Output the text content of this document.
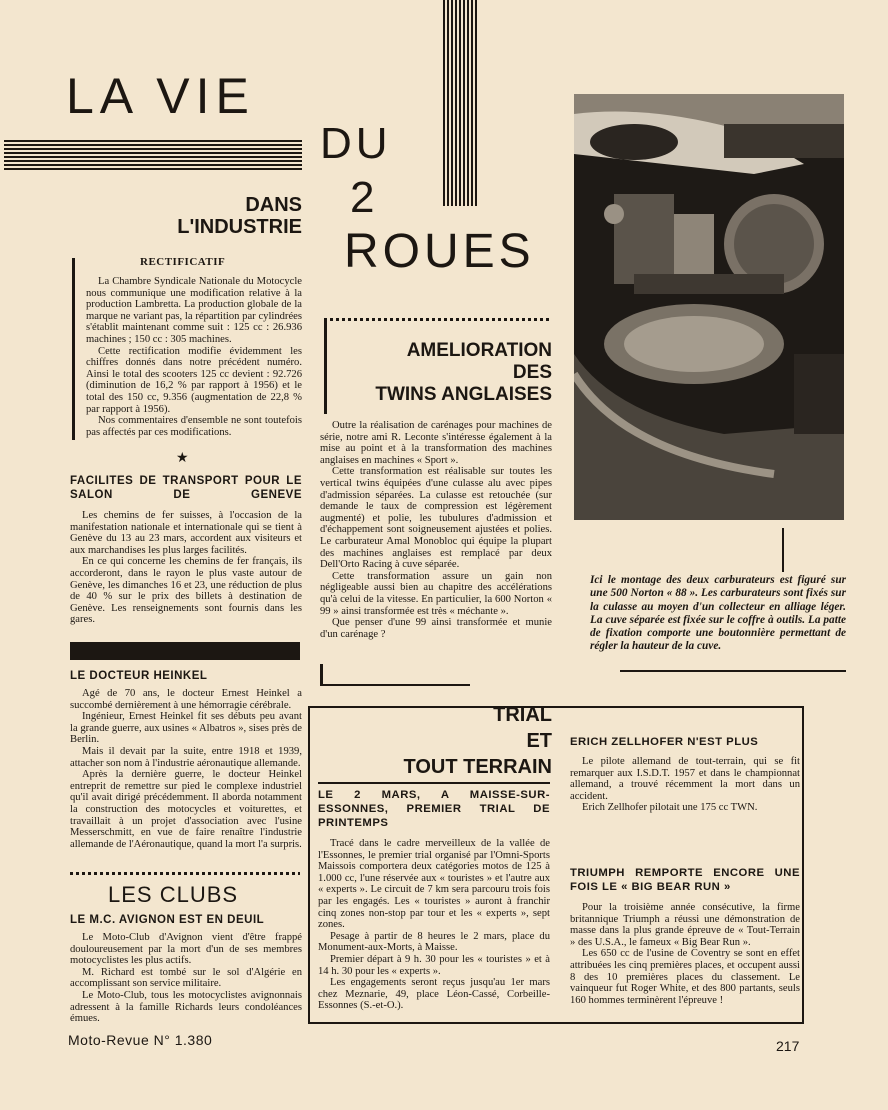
LA VIE
DU
2
ROUES
DANS
L'INDUSTRIE
RECTIFICATIF

La Chambre Syndicale Nationale du Motocycle nous communique une modification relative à la production Lambretta. La production globale de la marque ne variant pas, la répartition par cylindrées s'établit maintenant comme suit : 125 cc : 26.936 machines ; 150 cc : 305 machines.

Cette rectification modifie évidemment les chiffres donnés dans notre précédent numéro. Ainsi le total des scooters 125 cc devient : 92.726 (diminution de 16,2 % par rapport à 1956) et le total des 150 cc, 9.356 (augmentation de 22,8 % par rapport à 1956).

Nos commentaires d'ensemble ne sont toutefois pas affectés par ces modifications.

★
FACILITES DE TRANSPORT POUR LE SALON DE GENEVE

Les chemins de fer suisses, à l'occasion de la manifestation nationale et internationale qui se tient à Genève du 13 au 23 mars, accordent aux visiteurs et aux marchandises les plus larges facilités.

En ce qui concerne les chemins de fer français, ils accorderont, dans le rayon le plus vaste autour de Genève, les dimanches 16 et 23, une réduction de plus de 40 % sur le prix des billets à destination de Genève. Les renseignements sont fournis dans les gares.

LE DOCTEUR HEINKEL

Agé de 70 ans, le docteur Ernest Heinkel a succombé dernièrement à une hémorragie cérébrale.

Ingénieur, Ernest Heinkel fit ses débuts peu avant la grande guerre, aux usines « Albatros », sises près de Berlin.

Mais il devait par la suite, entre 1918 et 1939, attacher son nom à l'industrie aéronautique allemande.

Après la dernière guerre, le docteur Heinkel entreprit de remettre sur pied le complexe industriel qu'il avait dirigé précédemment. Il aborda notamment la construction des motocycles et voiturettes, et travaillait à un projet d'association avec l'usine Messerschmitt, en vue de faire renaître l'industrie allemande de l'Aéronautique, quand la mort l'a surpris.

LES CLUBS
LE M.C. AVIGNON EST EN DEUIL

Le Moto-Club d'Avignon vient d'être frappé douloureusement par la mort d'un de ses membres motocyclistes les plus actifs.

M. Richard est tombé sur le sol d'Algérie en accomplissant son service militaire.

Le Moto-Club, tous les motocyclistes avignonnais adressent à la famille Richards leurs condoléances émues.

AMELIORATION
DES
TWINS ANGLAISES

Outre la réalisation de carénages pour machines de série, notre ami R. Leconte s'intéresse également à la mise au point et à la transformation des machines anglaises en machines « Sport ».

Cette transformation est réalisable sur toutes les vertical twins équipées d'une culasse alu avec pipes d'admission séparées. La culasse est retouchée (sur demande le taux de compression est légèrement augmenté) et polie, les tubulures d'admission et d'échappement sont soigneusement ajustées et polies. Le carburateur Amal Monobloc qui équipe la plupart des machines anglaises est remplacé par deux Dell'Orto Racing à cuve séparée.

Cette transformation assure un gain non négligeable aussi bien au chapitre des accélérations qu'à celui de la vitesse. En particulier, la 600 Norton « 99 » ainsi transformée est très « méchante ».

Que penser d'une 99 ainsi transformée et munie d'un carénage ?

Ici le montage des deux carburateurs est figuré sur une 500 Norton « 88 ». Les carburateurs sont fixés sur la culasse au moyen d'un collecteur en alliage léger. La cuve séparée est fixée sur le coffre à outils. La patte de fixation comporte une boutonnière permettant de régler la hauteur de la cuve.
TRIAL
ET
TOUT TERRAIN
LE 2 MARS, A MAISSE-SUR-ESSONNES, PREMIER TRIAL DE PRINTEMPS

Tracé dans le cadre merveilleux de la vallée de l'Essonnes, le premier trial organisé par l'Omni-Sports Maissois comportera deux catégories motos de 125 à 1.000 cc, l'une réservée aux « touristes » et l'autre aux « experts ». Le circuit de 7 km sera parcouru trois fois par les engagés. Les « touristes » auront à franchir cinq zones non-stop par tour et les « experts », sept zones.

Pesage à partir de 8 heures le 2 mars, place du Monument-aux-Morts, à Maisse.

Premier départ à 9 h. 30 pour les « touristes » et à 14 h. 30 pour les « experts ».

Les engagements seront reçus jusqu'au 1er mars chez Meznarie, 49, place Léon-Cassé, Corbeille-Essonnes (S.-et-O.).

ERICH ZELLHOFER N'EST PLUS

Le pilote allemand de tout-terrain, qui se fit remarquer aux I.S.D.T. 1957 et dans le championnat allemand, a trouvé récemment la mort dans un accident.

Erich Zellhofer pilotait une 175 cc TWN.

TRIUMPH REMPORTE ENCORE UNE FOIS LE « BIG BEAR RUN »

Pour la troisième année consécutive, la firme britannique Triumph a réussi une démonstration de masse dans la plus grande épreuve de « Tout-Terrain » des U.S.A., le fameux « Big Bear Run ».

Les 650 cc de l'usine de Coventry se sont en effet attribuées les cinq premières places, et occupent aussi 8 des 10 premières places du classement. Le vainqueur fut Roger White, et des 800 partants, seuls 160 hommes terminèrent l'épreuve !

Moto-Revue N° 1.380	217
